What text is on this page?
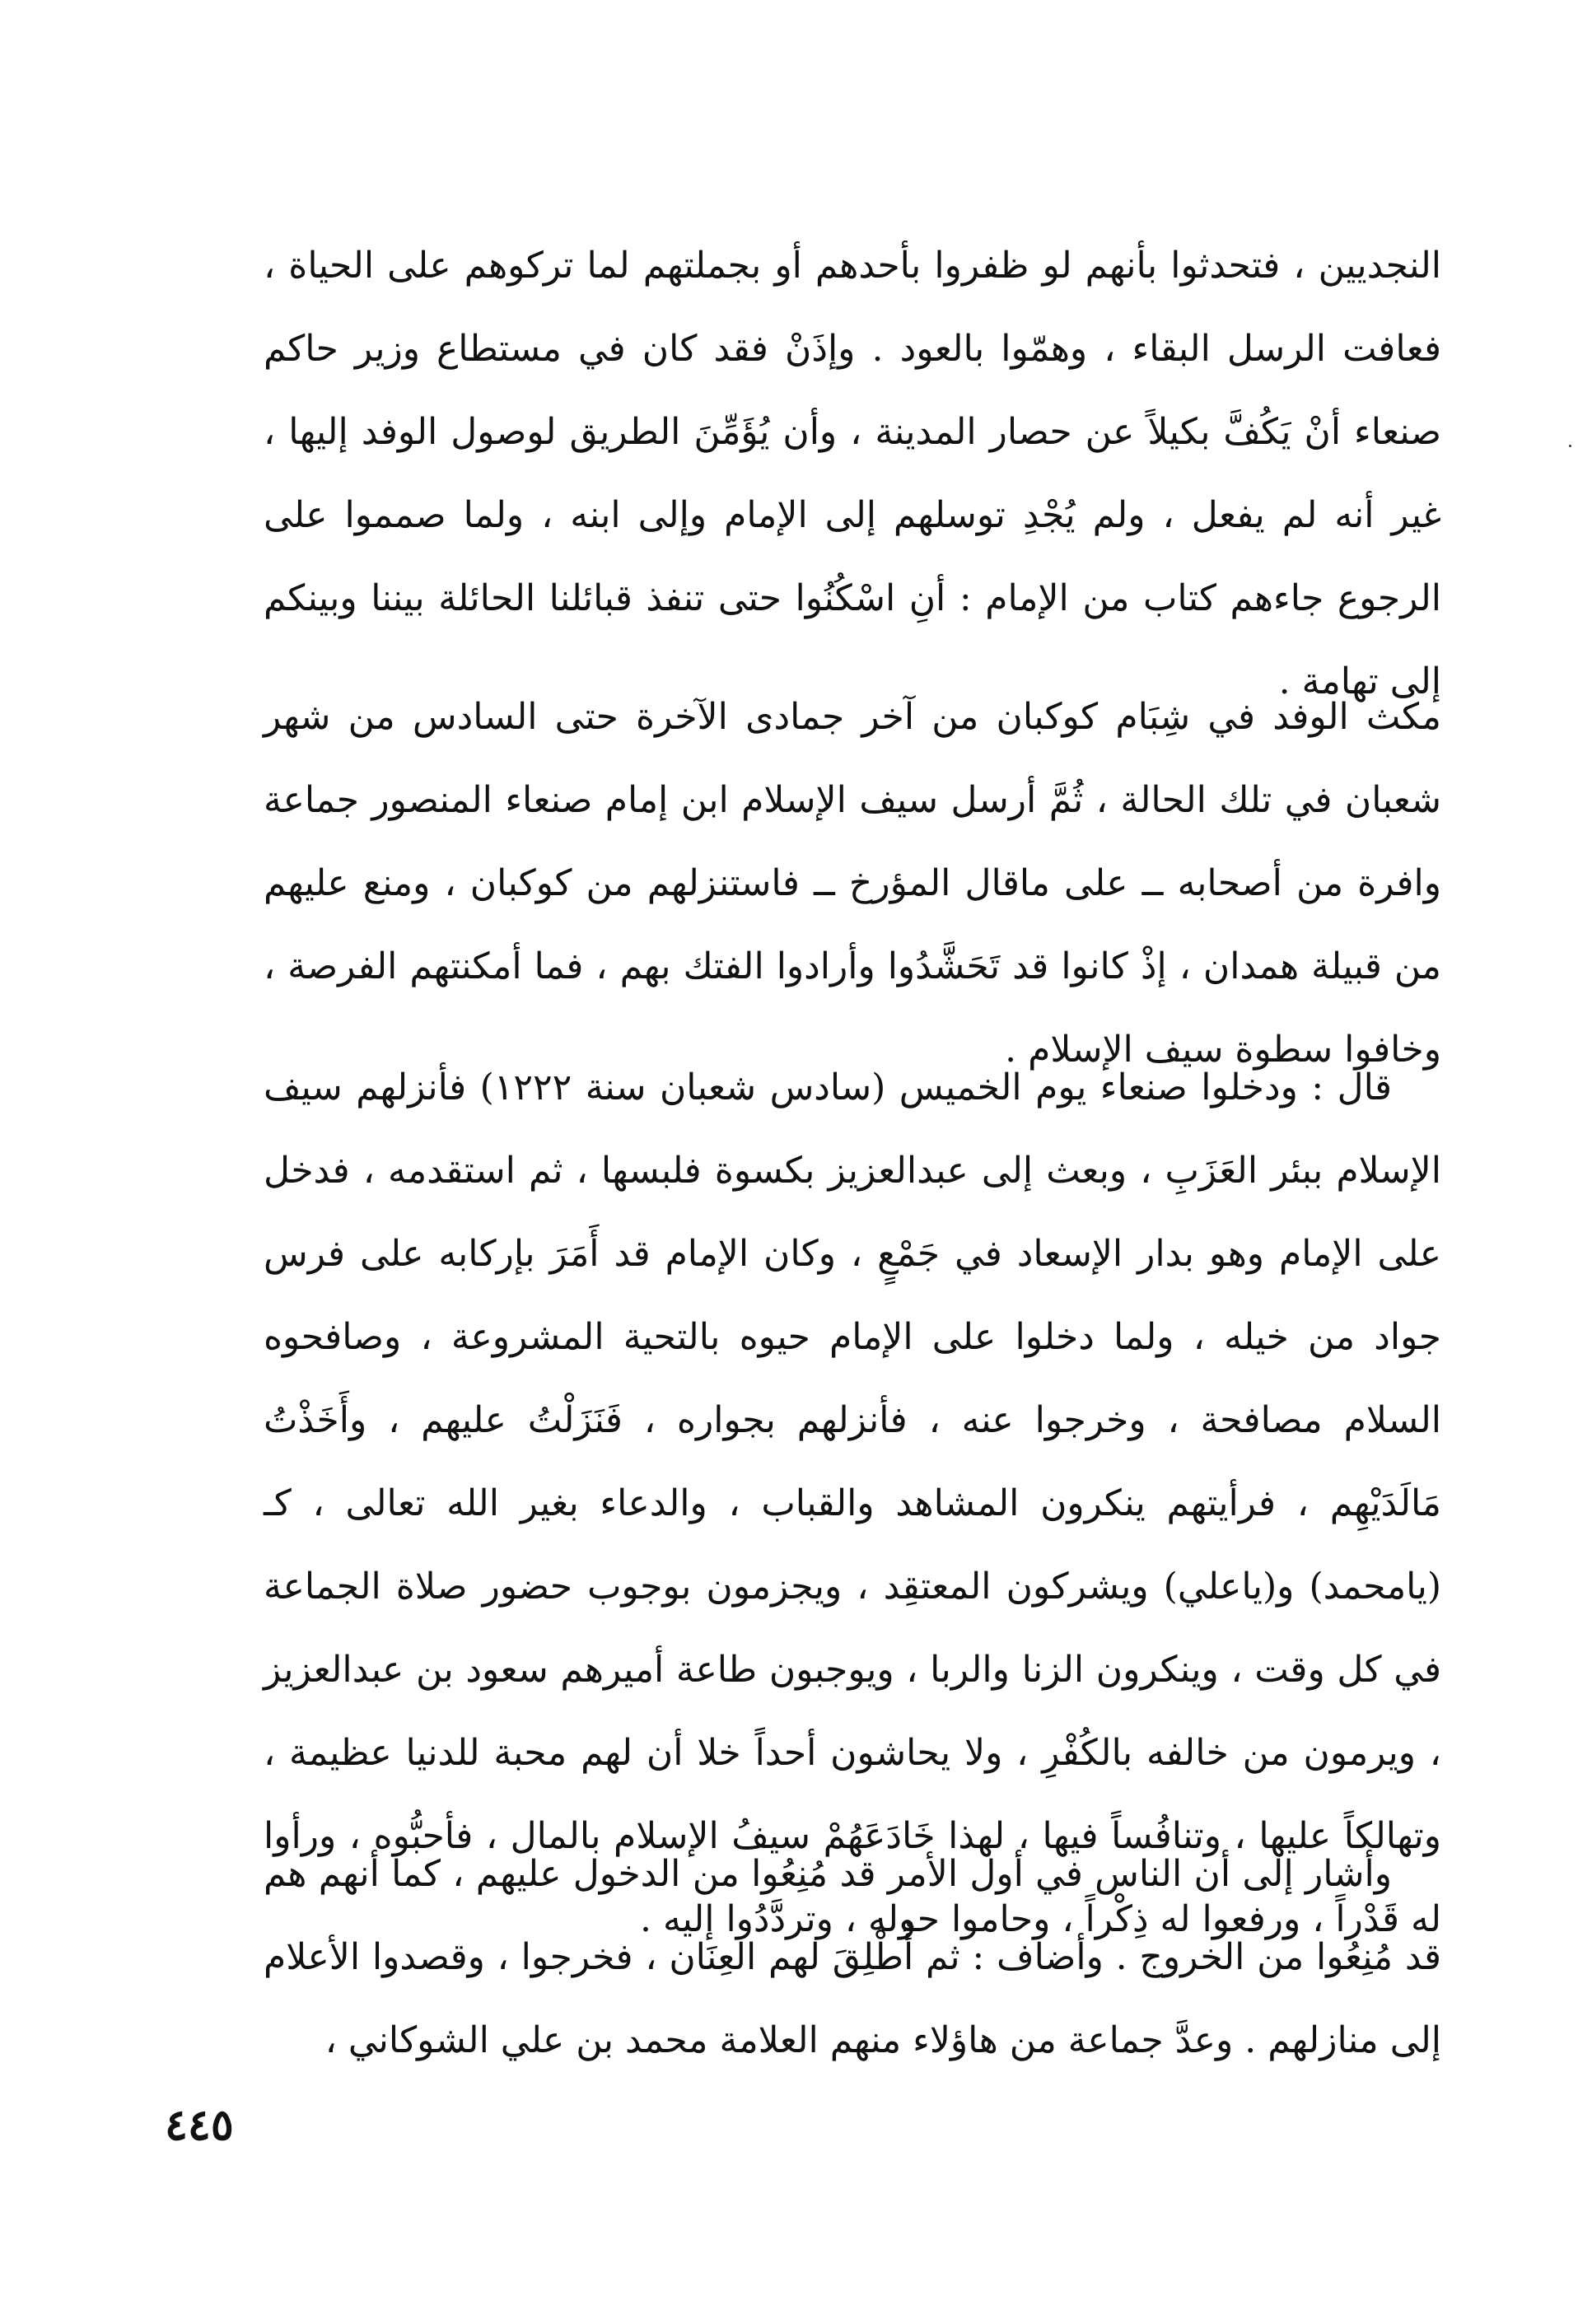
النجديين ، فتحدثوا بأنهم لو ظفروا بأحدهم أو بجملتهم لما تركوهم على الحياة ، فعافت الرسل البقاء ، وهمّوا بالعود . وإذَنْ فقد كان في مستطاع وزير حاكم صنعاء أنْ يَكُفَّ بكيلاً عن حصار المدينة ، وأن يُؤَمِّنَ الطريق لوصول الوفد إليها ، غير أنه لم يفعل ، ولم يُجْدِ توسلهم إلى الإمام وإلى ابنه ، ولما صمموا على الرجوع جاءهم كتاب من الإمام : أنِ اسْكُنُوا حتى تنفذ قبائلنا الحائلة بيننا وبينكم إلى تهامة .

مكث الوفد في شِبَام كوكبان من آخر جمادى الآخرة حتى السادس من شهر شعبان في تلك الحالة ، ثُمَّ أرسل سيف الإسلام ابن إمام صنعاء المنصور جماعة وافرة من أصحابه ــ على ماقال المؤرخ ــ فاستنزلهم من كوكبان ، ومنع عليهم من قبيلة همدان ، إذْ كانوا قد تَحَشَّدُوا وأرادوا الفتك بهم ، فما أمكنتهم الفرصة ، وخافوا سطوة سيف الإسلام .

قال : ودخلوا صنعاء يوم الخميس (سادس شعبان سنة ١٢٢٢) فأنزلهم سيف الإسلام ببئر العَزَبِ ، وبعث إلى عبدالعزيز بكسوة فلبسها ، ثم استقدمه ، فدخل على الإمام وهو بدار الإسعاد في جَمْعٍ ، وكان الإمام قد أَمَرَ بإركابه على فرس جواد من خيله ، ولما دخلوا على الإمام حيوه بالتحية المشروعة ، وصافحوه السلام مصافحة ، وخرجوا عنه ، فأنزلهم بجواره ، فَنَزَلْتُ عليهم ، وأَخَذْتُ مَالَدَيْهِم ، فرأيتهم ينكرون المشاهد والقباب ، والدعاء بغير الله تعالى ، كـ (يامحمد) و(ياعلي) ويشركون المعتقِد ، ويجزمون بوجوب حضور صلاة الجماعة في كل وقت ، وينكرون الزنا والربا ، ويوجبون طاعة أميرهم سعود بن عبدالعزيز ، ويرمون من خالفه بالكُفْرِ ، ولا يحاشون أحداً خلا أن لهم محبة للدنيا عظيمة ، وتهالكاً عليها ، وتنافُساً فيها ، لهذا خَادَعَهُمْ سيفُ الإسلام بالمال ، فأحبُّوه ، ورأوا له قَدْراً ، ورفعوا له ذِكْراً ، وحاموا حوله ، وتردَّدُوا إليه .

وأشار إلى أن الناس في أول الأمر قد مُنِعُوا من الدخول عليهم ، كما أنهم هم قد مُنِعُوا من الخروج . وأضاف : ثم أُطْلِقَ لهم العِنَان ، فخرجوا ، وقصدوا الأعلام إلى منازلهم . وعدَّ جماعة من هاؤلاء منهم العلامة محمد بن علي الشوكاني ،

٤٤٥
